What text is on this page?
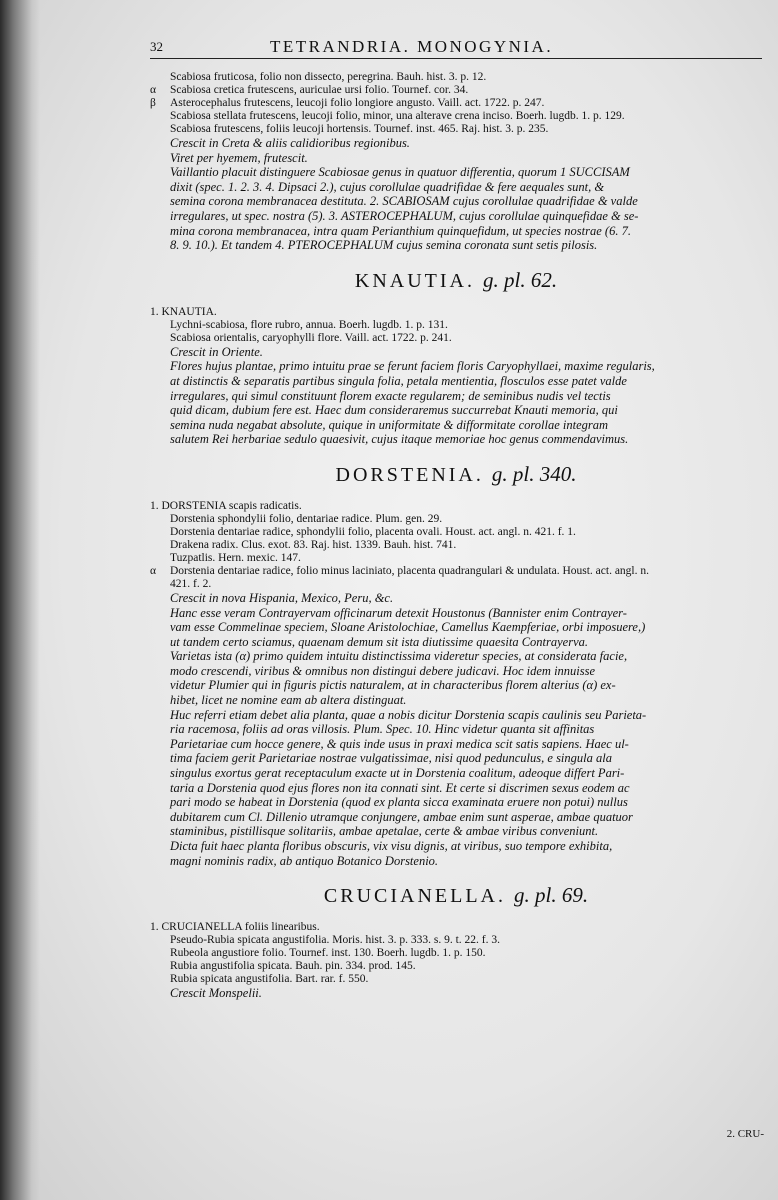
32	TETRANDRIA. MONOGYNIA.
Scabiosa fruticosa, folio non dissecto, peregrina. Bauh. hist. 3. p. 12.
α Scabiosa cretica frutescens, auriculae ursi folio. Tournef. cor. 34.
β Asterocephalus frutescens, leucoji folio longiore angusto. Vaill. act. 1722. p. 247.
Scabiosa stellata frutescens, leucoji folio, minor, una alterave crena inciso. Boerh. lugdb. 1. p. 129.
Scabiosa frutescens, foliis leucoji hortensis. Tournef. inst. 465. Raj. hist. 3. p. 235.
Crescit in Creta & aliis calidioribus regionibus.
Viret per hyemem, frutescit.
Vaillantio placuit distinguere Scabiosae genus in quatuor differentia, quorum 1 SUCCISAM
dixit (spec. 1. 2. 3. 4. Dipsaci 2.), cujus corollulae quadrifidae & fere aequales sunt, &
semina corona membranacea destituta. 2. SCABIOSAM cujus corollulae quadrifidae & valde
irregulares, ut spec. nostra (5). 3. ASTEROCEPHALUM, cujus corollulae quinquefidae & se-
mina corona membranacea, intra quam Perianthium quinquefidum, ut species nostrae (6. 7.
8. 9. 10.). Et tandem 4. PTEROCEPHALUM cujus semina coronata sunt setis pilosis.
KNAUTIA. g. pl. 62.
1. KNAUTIA.
Lychni-scabiosa, flore rubro, annua. Boerh. lugdb. 1. p. 131.
Scabiosa orientalis, caryophylli flore. Vaill. act. 1722. p. 241.
Crescit in Oriente.
Flores hujus plantae, primo intuitu prae se ferunt faciem floris Caryophyllaei, maxime regularis,
at distinctis & separatis partibus singula folia, petala mentientia, flosculos esse patet valde
irregulares, qui simul constituunt florem exacte regularem; de seminibus nudis vel tectis
quid dicam, dubium fere est. Haec dum consideraremus succurrebat Knauti memoria, qui
semina nuda negabat absolute, quique in uniformitate & difformitate corollae integram
salutem Rei herbariae sedulo quaesivit, cujus itaque memoriae hoc genus commendavimus.
DORSTENIA. g. pl. 340.
1. DORSTENIA scapis radicatis.
Dorstenia sphondylii folio, dentariae radice. Plum. gen. 29.
Dorstenia dentariae radice, sphondylii folio, placenta ovali. Houst. act. angl. n. 421. f. 1.
Drakena radix. Clus. exot. 83. Raj. hist. 1339. Bauh. hist. 741.
Tuzpatlis. Hern. mexic. 147.
α Dorstenia dentariae radice, folio minus laciniato, placenta quadrangulari & undulata. Houst. act. angl. n.
421. f. 2.
Crescit in nova Hispania, Mexico, Peru, &c.
Hanc esse veram Contrayervam officinarum detexit Houstonus (Bannister enim Contrayer-
vam esse Commelinae speciem, Sloane Aristolochiae, Camellus Kaempferiae, orbi imposuere,)
ut tandem certo sciamus, quaenam demum sit ista diutissime quaesita Contrayerva.
Varietas ista (α) primo quidem intuitu distinctissima videretur species, at considerata facie,
modo crescendi, viribus & omnibus non distingui debere judicavi. Hoc idem innuisse
videtur Plumier qui in figuris pictis naturalem, at in characteribus florem alterius (α) ex-
hibet, licet ne nomine eam ab altera distinguat.
Huc referri etiam debet alia planta, quae a nobis dicitur Dorstenia scapis caulinis seu Parieta-
ria racemosa, foliis ad oras villosis. Plum. Spec. 10. Hinc videtur quanta sit affinitas
Parietariae cum hocce genere, & quis inde usus in praxi medica scit satis sapiens. Haec ul-
tima faciem gerit Parietariae nostrae vulgatissimae, nisi quod pedunculus, e singula ala
singulus exortus gerat receptaculum exacte ut in Dorstenia coalitum, adeoque differt Pari-
taria a Dorstenia quod ejus flores non ita connati sint. Et certe si discrimen sexus eodem ac
pari modo se habeat in Dorstenia (quod ex planta sicca examinata eruere non potui) nullus
dubitarem cum Cl. Dillenio utramque conjungere, ambae enim sunt asperae, ambae quatuor
staminibus, pistillisque solitariis, ambae apetalae, certe & ambae viribus conveniunt.
Dicta fuit haec planta floribus obscuris, vix visu dignis, at viribus, suo tempore exhibita,
magni nominis radix, ab antiquo Botanico Dorstenio.
CRUCIANELLA. g. pl. 69.
1. CRUCIANELLA foliis linearibus.
Pseudo-Rubia spicata angustifolia. Moris. hist. 3. p. 333. s. 9. t. 22. f. 3.
Rubeola angustiore folio. Tournef. inst. 130. Boerh. lugdb. 1. p. 150.
Rubia angustifolia spicata. Bauh. pin. 334. prod. 145.
Rubia spicata angustifolia. Bart. rar. f. 550.
Crescit Monspelii.
2. CRU-
